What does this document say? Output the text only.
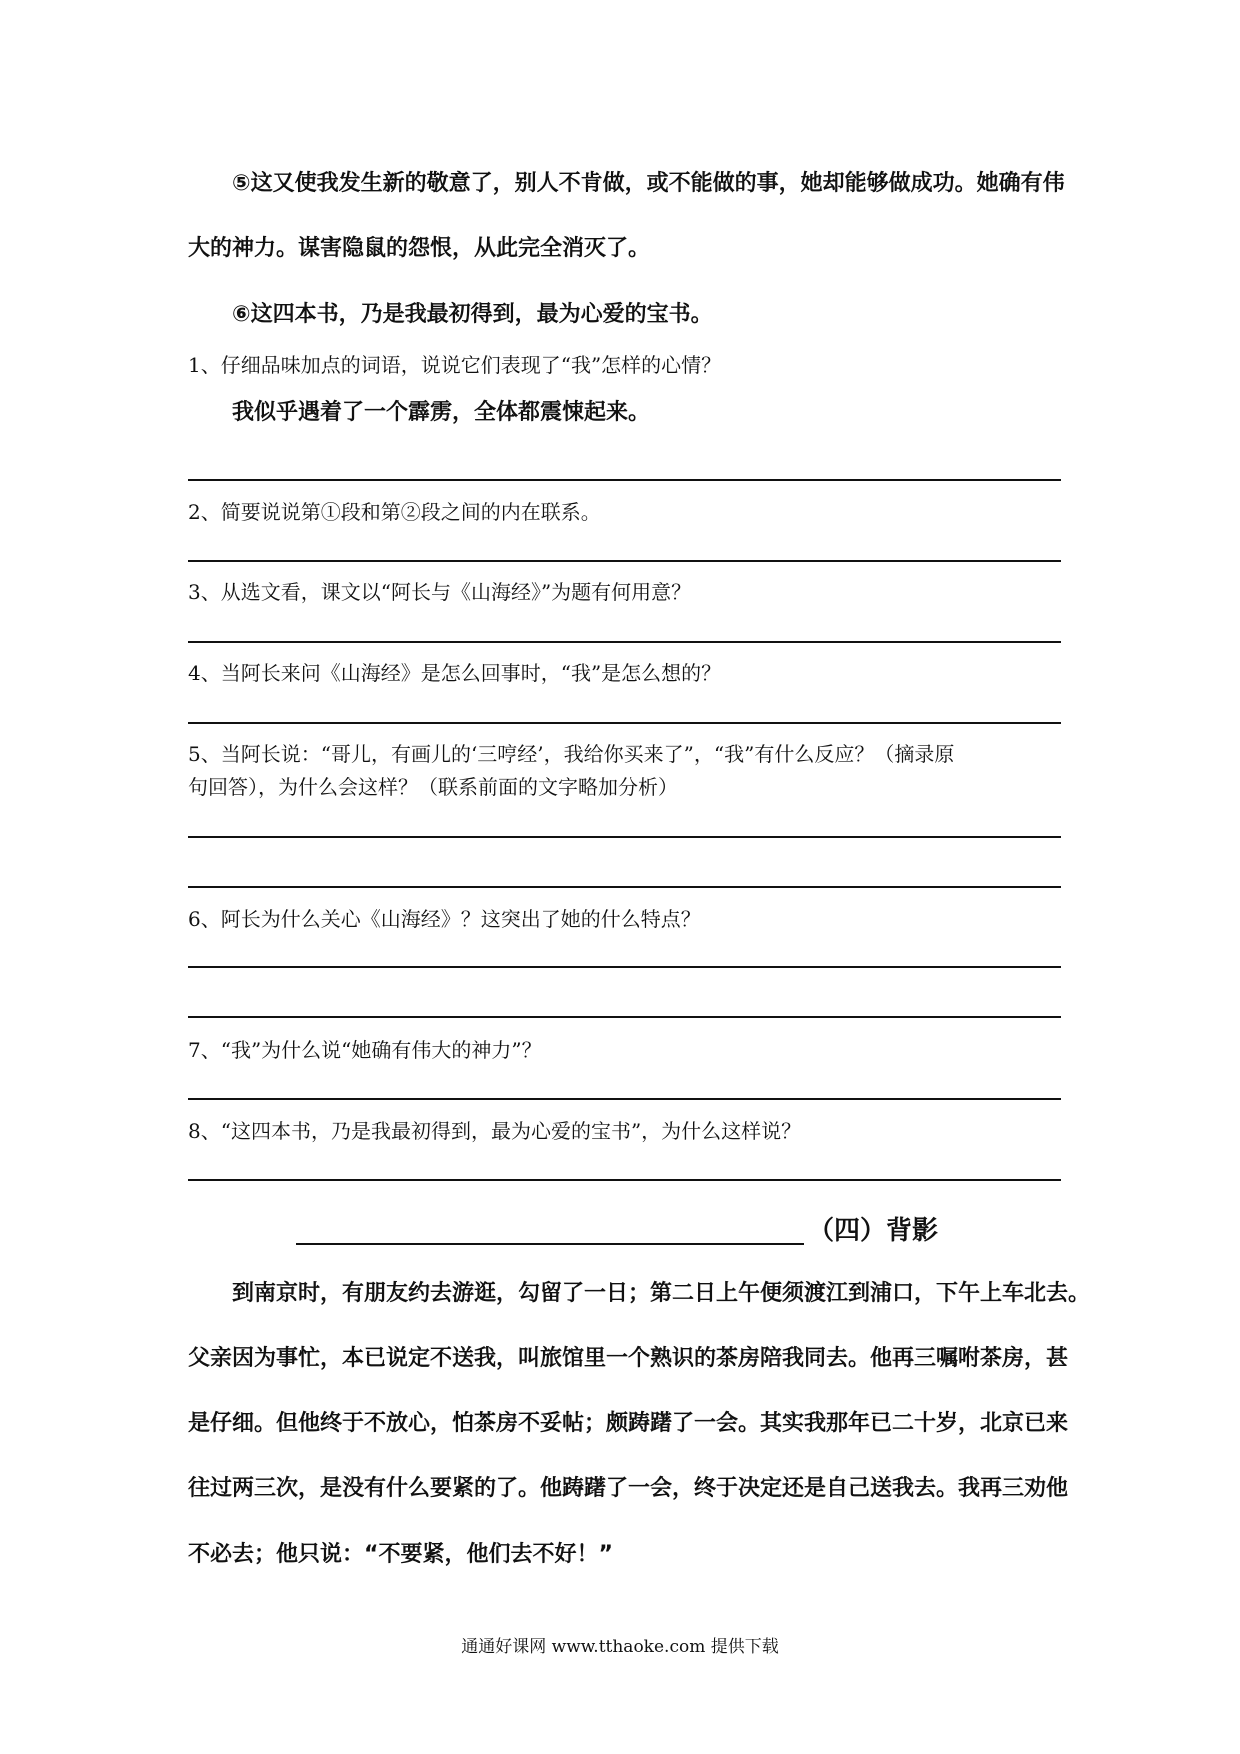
⑤这又使我发生新的敬意了，别人不肯做，或不能做的事，她却能够做成功。她确有伟
大的神力。谋害隐鼠的怨恨，从此完全消灭了。
⑥这四本书，乃是我最初得到，最为心爱的宝书。
1、仔细品味加点的词语，说说它们表现了“我”怎样的心情？
我似乎遇着了一个霹雳，全体都震悚起来。
2、简要说说第①段和第②段之间的内在联系。
3、从选文看，课文以“阿长与《山海经》”为题有何用意？
4、当阿长来问《山海经》是怎么回事时，“我”是怎么想的？
5、当阿长说：“哥儿，有画儿的‘三哼经’，我给你买来了”，“我”有什么反应？（摘录原
句回答），为什么会这样？（联系前面的文字略加分析）
6、阿长为什么关心《山海经》？这突出了她的什么特点？
7、“我”为什么说“她确有伟大的神力”？
8、“这四本书，乃是我最初得到，最为心爱的宝书”，为什么这样说？
（四）背影
到南京时，有朋友约去游逛，勾留了一日；第二日上午便须渡江到浦口，下午上车北去。
父亲因为事忙，本已说定不送我，叫旅馆里一个熟识的茶房陪我同去。他再三嘱咐茶房，甚
是仔细。但他终于不放心，怕茶房不妥帖；颇踌躇了一会。其实我那年已二十岁，北京已来
往过两三次，是没有什么要紧的了。他踌躇了一会，终于决定还是自己送我去。我再三劝他
不必去；他只说：“不要紧，他们去不好！”
通通好课网 www.tthaoke.com 提供下载
